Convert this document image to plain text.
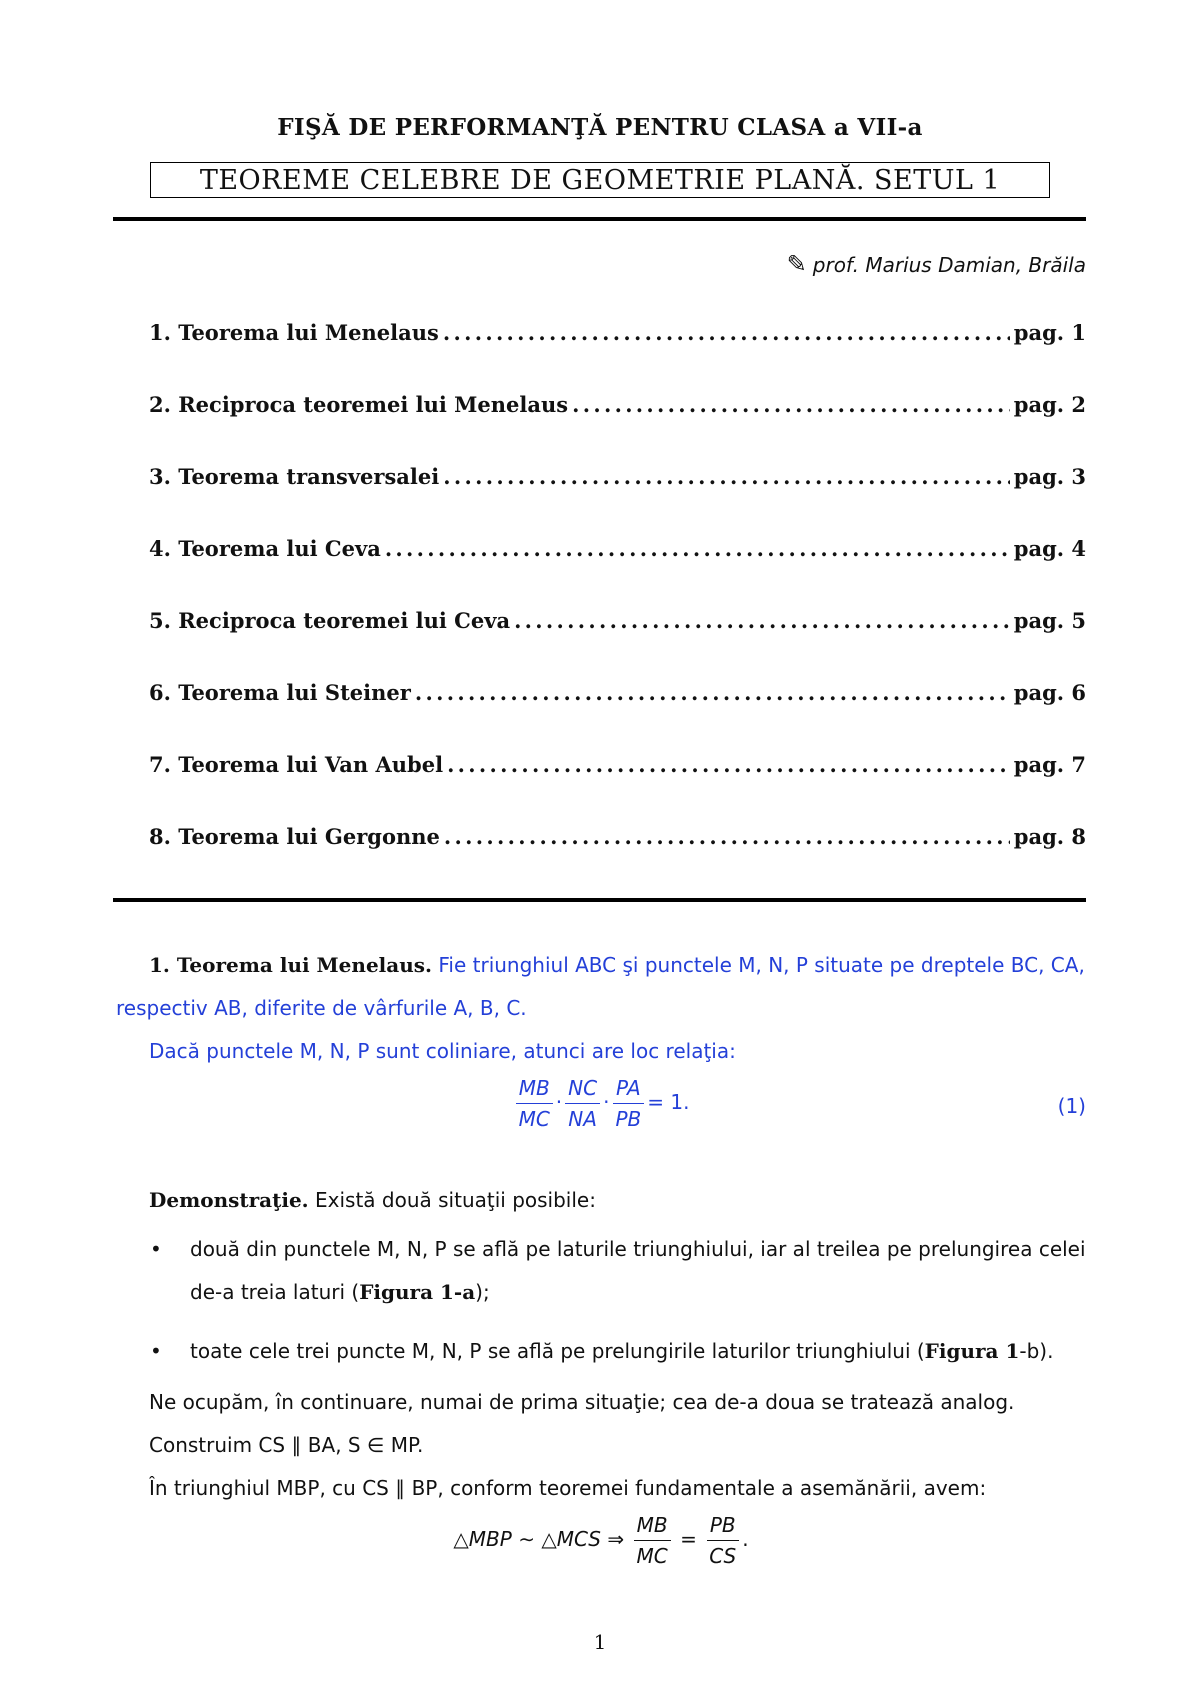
FIŞĂ DE PERFORMANŢĂ PENTRU CLASA a VII-a
TEOREME CELEBRE DE GEOMETRIE PLANĂ. SETUL 1
✎ prof. Marius Damian, Brăila
1. Teorema lui Menelaus . . .	pag. 1
2. Reciproca teoremei lui Menelaus . . .	pag. 2
3. Teorema transversalei . . .	pag. 3
4. Teorema lui Ceva . . .	pag. 4
5. Reciproca teoremei lui Ceva . . .	pag. 5
6. Teorema lui Steiner . . .	pag. 6
7. Teorema lui Van Aubel . . .	pag. 7
8. Teorema lui Gergonne . . .	pag. 8
1. Teorema lui Menelaus. Fie triunghiul ABC şi punctele M, N, P situate pe dreptele BC, CA, respectiv AB, diferite de vârfurile A, B, C.
Dacă punctele M, N, P sunt coliniare, atunci are loc relaţia:
$\frac{MB}{MC} \cdot \frac{NC}{NA} \cdot \frac{PA}{PB} = 1$.	(1)
Demonstraţie. Există două situaţii posibile:
•	două din punctele M, N, P se află pe laturile triunghiului, iar al treilea pe prelungirea celei de-a treia laturi (Figura 1-a);
•	toate cele trei puncte M, N, P se află pe prelungirile laturilor triunghiului (Figura 1-b).
Ne ocupăm, în continuare, numai de prima situaţie; cea de-a doua se tratează analog.
Construim CS ∥ BA, S ∈ MP.
În triunghiul MBP, cu CS ∥ BP, conform teoremei fundamentale a asemănării, avem:
△MBP ∼ △MCS ⇒ $\frac{MB}{MC} = \frac{PB}{CS}$ .
1
